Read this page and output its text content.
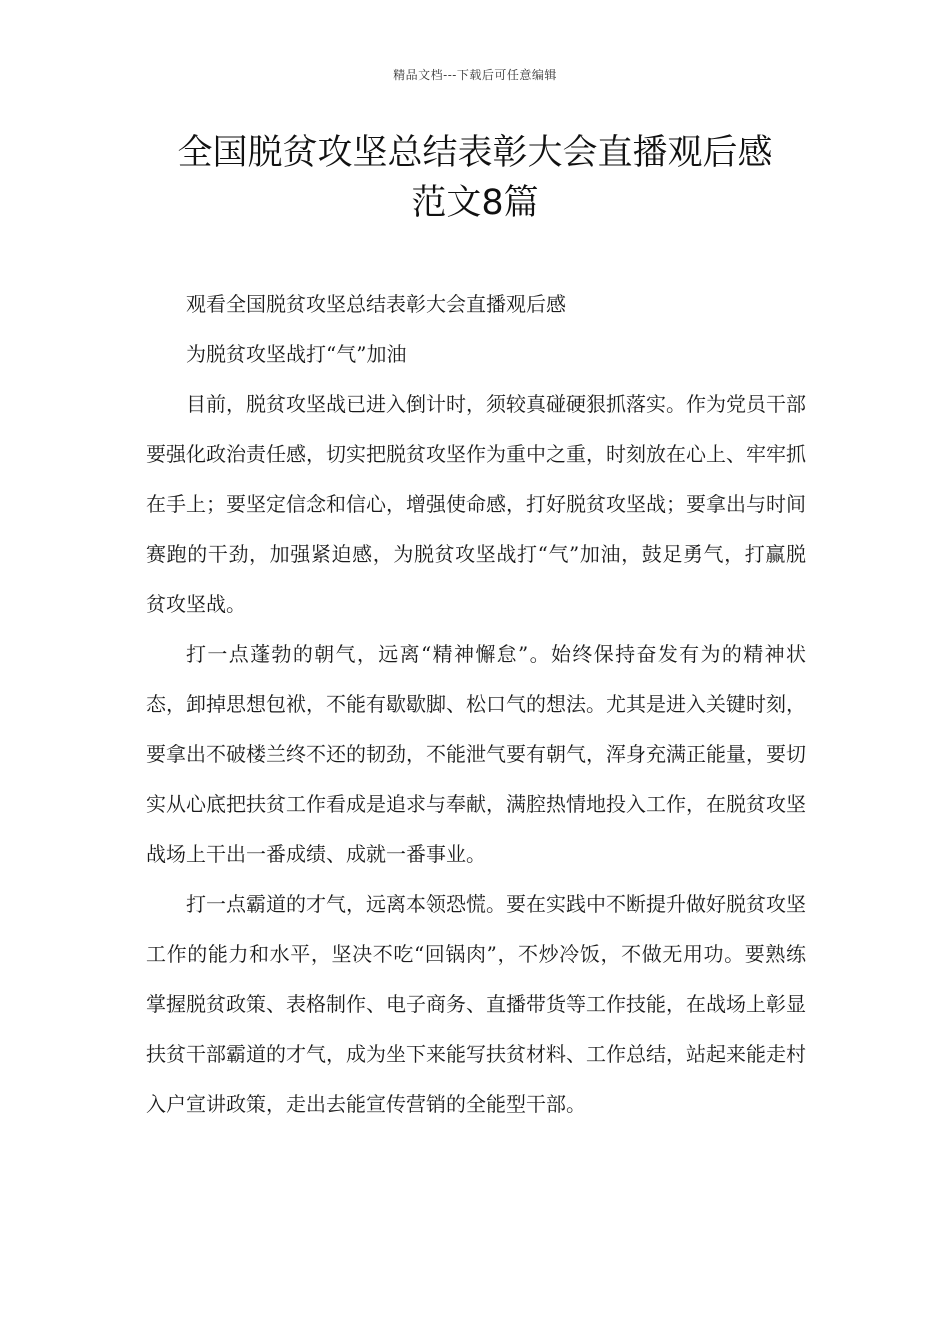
精品文档---下载后可任意编辑
全国脱贫攻坚总结表彰大会直播观后感
范文8篇

观看全国脱贫攻坚总结表彰大会直播观后感

为脱贫攻坚战打“气”加油

目前，脱贫攻坚战已进入倒计时，须较真碰硬狠抓落实。作为党员干部要强化政治责任感，切实把脱贫攻坚作为重中之重，时刻放在心上、牢牢抓在手上；要坚定信念和信心，增强使命感，打好脱贫攻坚战；要拿出与时间赛跑的干劲，加强紧迫感，为脱贫攻坚战打“气”加油，鼓足勇气，打赢脱贫攻坚战。

打一点蓬勃的朝气，远离“精神懈怠”。始终保持奋发有为的精神状态，卸掉思想包袱，不能有歇歇脚、松口气的想法。尤其是进入关键时刻，要拿出不破楼兰终不还的韧劲，不能泄气要有朝气，浑身充满正能量，要切实从心底把扶贫工作看成是追求与奉献，满腔热情地投入工作，在脱贫攻坚战场上干出一番成绩、成就一番事业。

打一点霸道的才气，远离本领恐慌。要在实践中不断提升做好脱贫攻坚工作的能力和水平，坚决不吃“回锅肉”，不炒冷饭，不做无用功。要熟练掌握脱贫政策、表格制作、电子商务、直播带货等工作技能，在战场上彰显扶贫干部霸道的才气，成为坐下来能写扶贫材料、工作总结，站起来能走村入户宣讲政策，走出去能宣传营销的全能型干部。
